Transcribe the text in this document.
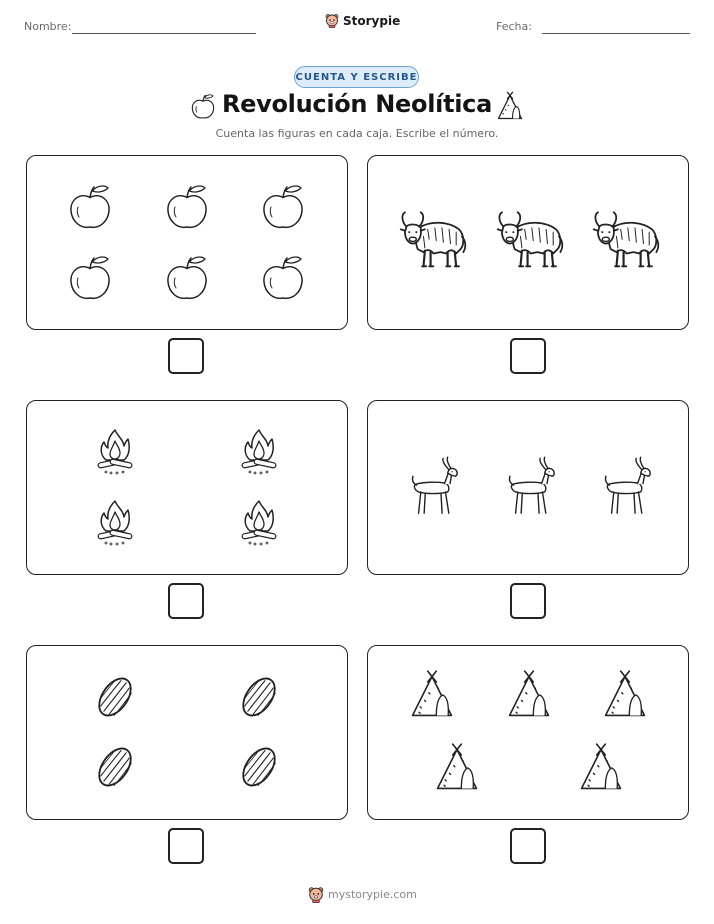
Nombre:	Storypie	Fecha:
CUENTA Y ESCRIBE
Revolución Neolítica
Cuenta las figuras en cada caja. Escribe el número.
mystorypie.com
